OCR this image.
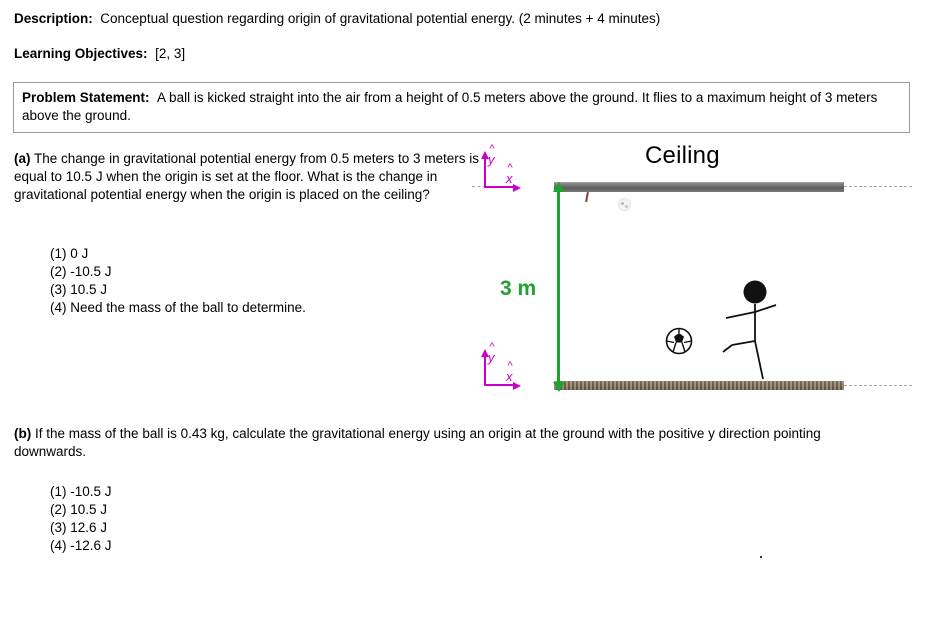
Description: Conceptual question regarding origin of gravitational potential energy. (2 minutes + 4 minutes)
Learning Objectives: [2, 3]
Problem Statement: A ball is kicked straight into the air from a height of 0.5 meters above the ground. It flies to a maximum height of 3 meters above the ground.
(a) The change in gravitational potential energy from 0.5 meters to 3 meters is equal to 10.5 J when the origin is set at the floor. What is the change in gravitational potential energy when the origin is placed on the ceiling?
(1) 0 J
(2) -10.5 J
(3) 10.5 J
(4) Need the mass of the ball to determine.
(b) If the mass of the ball is 0.43 kg, calculate the gravitational energy using an origin at the ground with the positive y direction pointing downwards.
(1) -10.5 J
(2) 10.5 J
(3) 12.6 J
(4) -12.6 J
Ceiling
3 m
^
y
^
x
^
y
^
x
